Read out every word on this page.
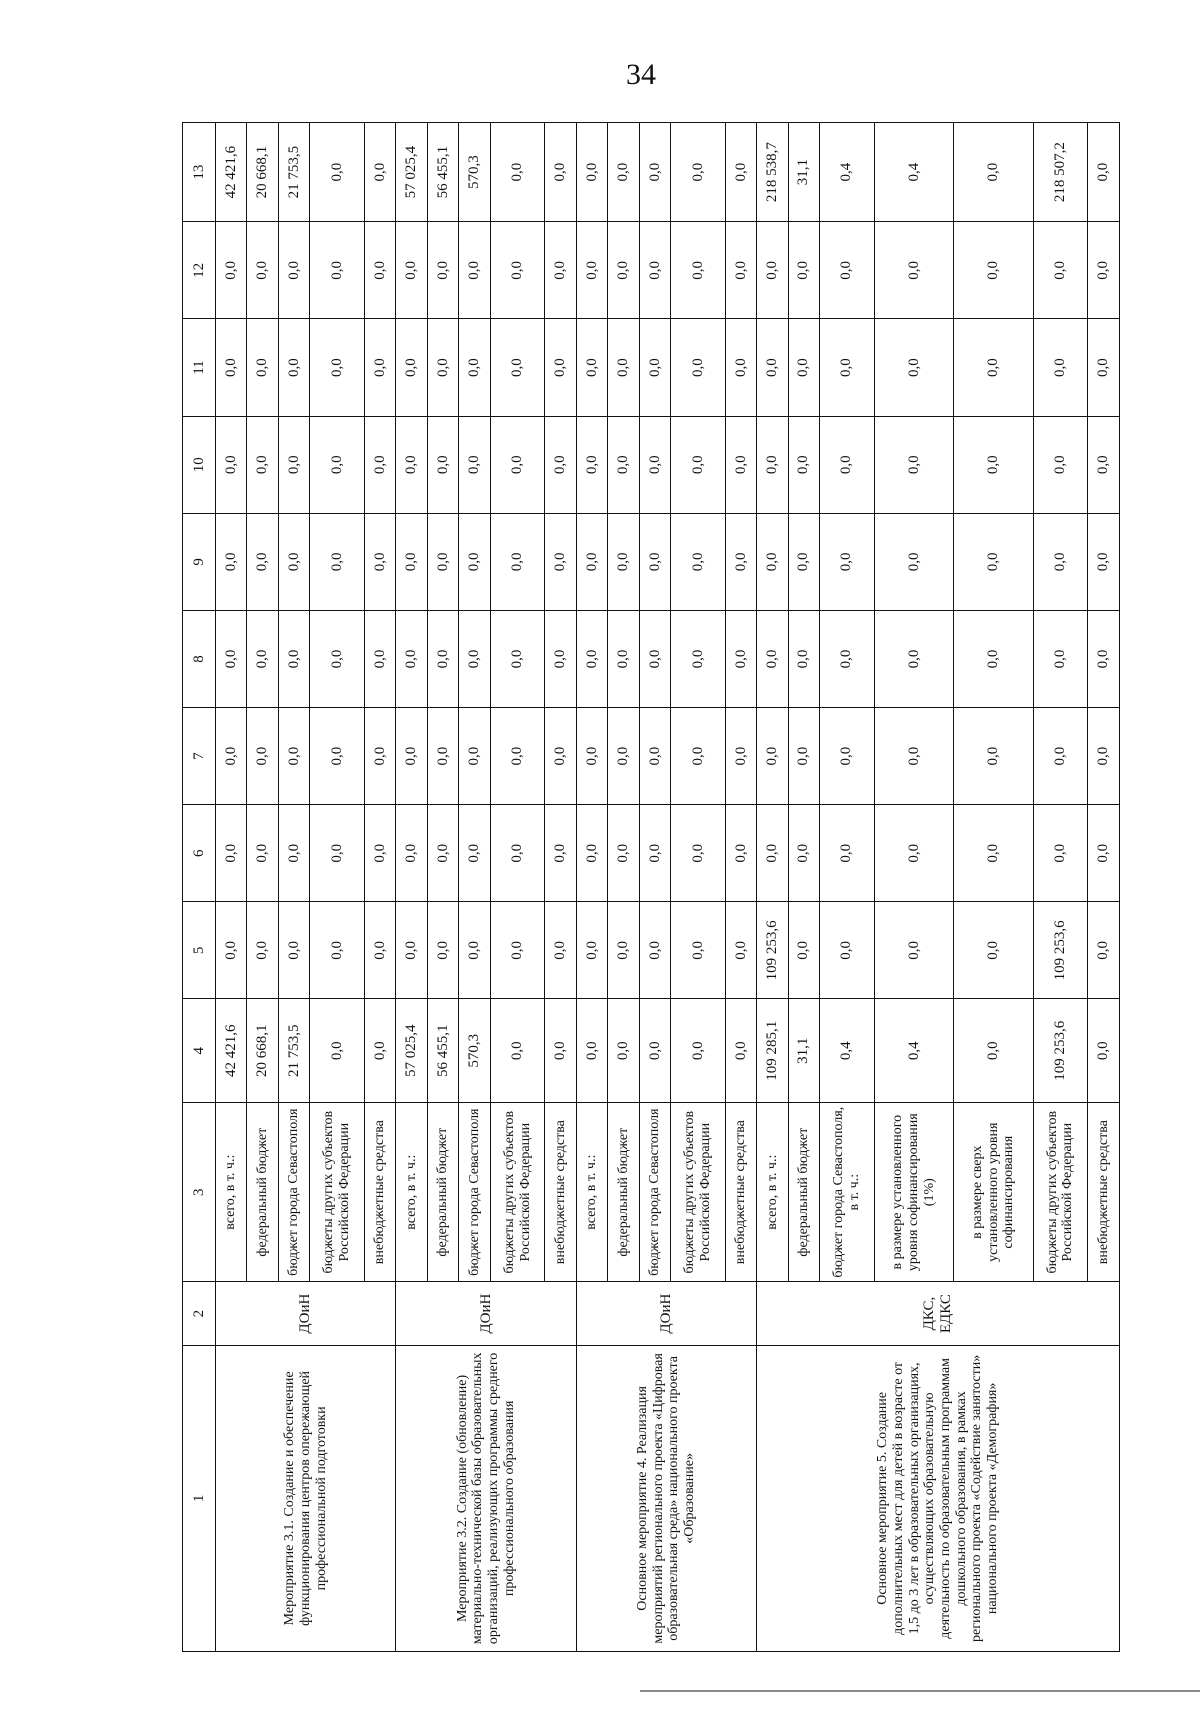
34
1	2	3	4	5	6	7	8	9	10	11	12	13
Мероприятие 3.1. Создание и обеспечение функционирования центров опережающей профессиональной подготовки	ДОиН	всего, в т. ч.:	42 421,6	0,0	0,0	0,0	0,0	0,0	0,0	0,0	0,0	42 421,6
		федеральный бюджет	20 668,1	0,0	0,0	0,0	0,0	0,0	0,0	0,0	0,0	20 668,1
		бюджет города Севастополя	21 753,5	0,0	0,0	0,0	0,0	0,0	0,0	0,0	0,0	21 753,5
		бюджеты других субъектов Российской Федерации	0,0	0,0	0,0	0,0	0,0	0,0	0,0	0,0	0,0	0,0
		внебюджетные средства	0,0	0,0	0,0	0,0	0,0	0,0	0,0	0,0	0,0	0,0
Мероприятие 3.2. Создание (обновление) материально-технической базы образовательных организаций, реализующих программы среднего профессионального образования	ДОиН	всего, в т. ч.:	57 025,4	0,0	0,0	0,0	0,0	0,0	0,0	0,0	0,0	57 025,4
		федеральный бюджет	56 455,1	0,0	0,0	0,0	0,0	0,0	0,0	0,0	0,0	56 455,1
		бюджет города Севастополя	570,3	0,0	0,0	0,0	0,0	0,0	0,0	0,0	0,0	570,3
		бюджеты других субъектов Российской Федерации	0,0	0,0	0,0	0,0	0,0	0,0	0,0	0,0	0,0	0,0
		внебюджетные средства	0,0	0,0	0,0	0,0	0,0	0,0	0,0	0,0	0,0	0,0
Основное мероприятие 4. Реализация мероприятий регионального проекта «Цифровая образовательная среда» национального проекта «Образование»	ДОиН	всего, в т. ч.:	0,0	0,0	0,0	0,0	0,0	0,0	0,0	0,0	0,0	0,0
		федеральный бюджет	0,0	0,0	0,0	0,0	0,0	0,0	0,0	0,0	0,0	0,0
		бюджет города Севастополя	0,0	0,0	0,0	0,0	0,0	0,0	0,0	0,0	0,0	0,0
		бюджеты других субъектов Российской Федерации	0,0	0,0	0,0	0,0	0,0	0,0	0,0	0,0	0,0	0,0
		внебюджетные средства	0,0	0,0	0,0	0,0	0,0	0,0	0,0	0,0	0,0	0,0
Основное мероприятие 5. Создание дополнительных мест для детей в возрасте от 1,5 до 3 лет в образовательных организациях, осуществляющих образовательную деятельность по образовательным программам дошкольного образования, в рамках регионального проекта «Содействие занятости» национального проекта «Демография»	ДКС, ЕДКС	всего, в т. ч.:	109 285,1	109 253,6	0,0	0,0	0,0	0,0	0,0	0,0	0,0	218 538,7
		федеральный бюджет	31,1	0,0	0,0	0,0	0,0	0,0	0,0	0,0	0,0	31,1
		бюджет города Севастополя, в т. ч.:	0,4	0,0	0,0	0,0	0,0	0,0	0,0	0,0	0,0	0,4
		в размере установленного уровня софинансирования (1%)	0,4	0,0	0,0	0,0	0,0	0,0	0,0	0,0	0,0	0,4
		в размере сверх установленного уровня софинансирования	0,0	0,0	0,0	0,0	0,0	0,0	0,0	0,0	0,0	0,0
		бюджеты других субъектов Российской Федерации	109 253,6	109 253,6	0,0	0,0	0,0	0,0	0,0	0,0	0,0	218 507,2
		внебюджетные средства	0,0	0,0	0,0	0,0	0,0	0,0	0,0	0,0	0,0	0,0
